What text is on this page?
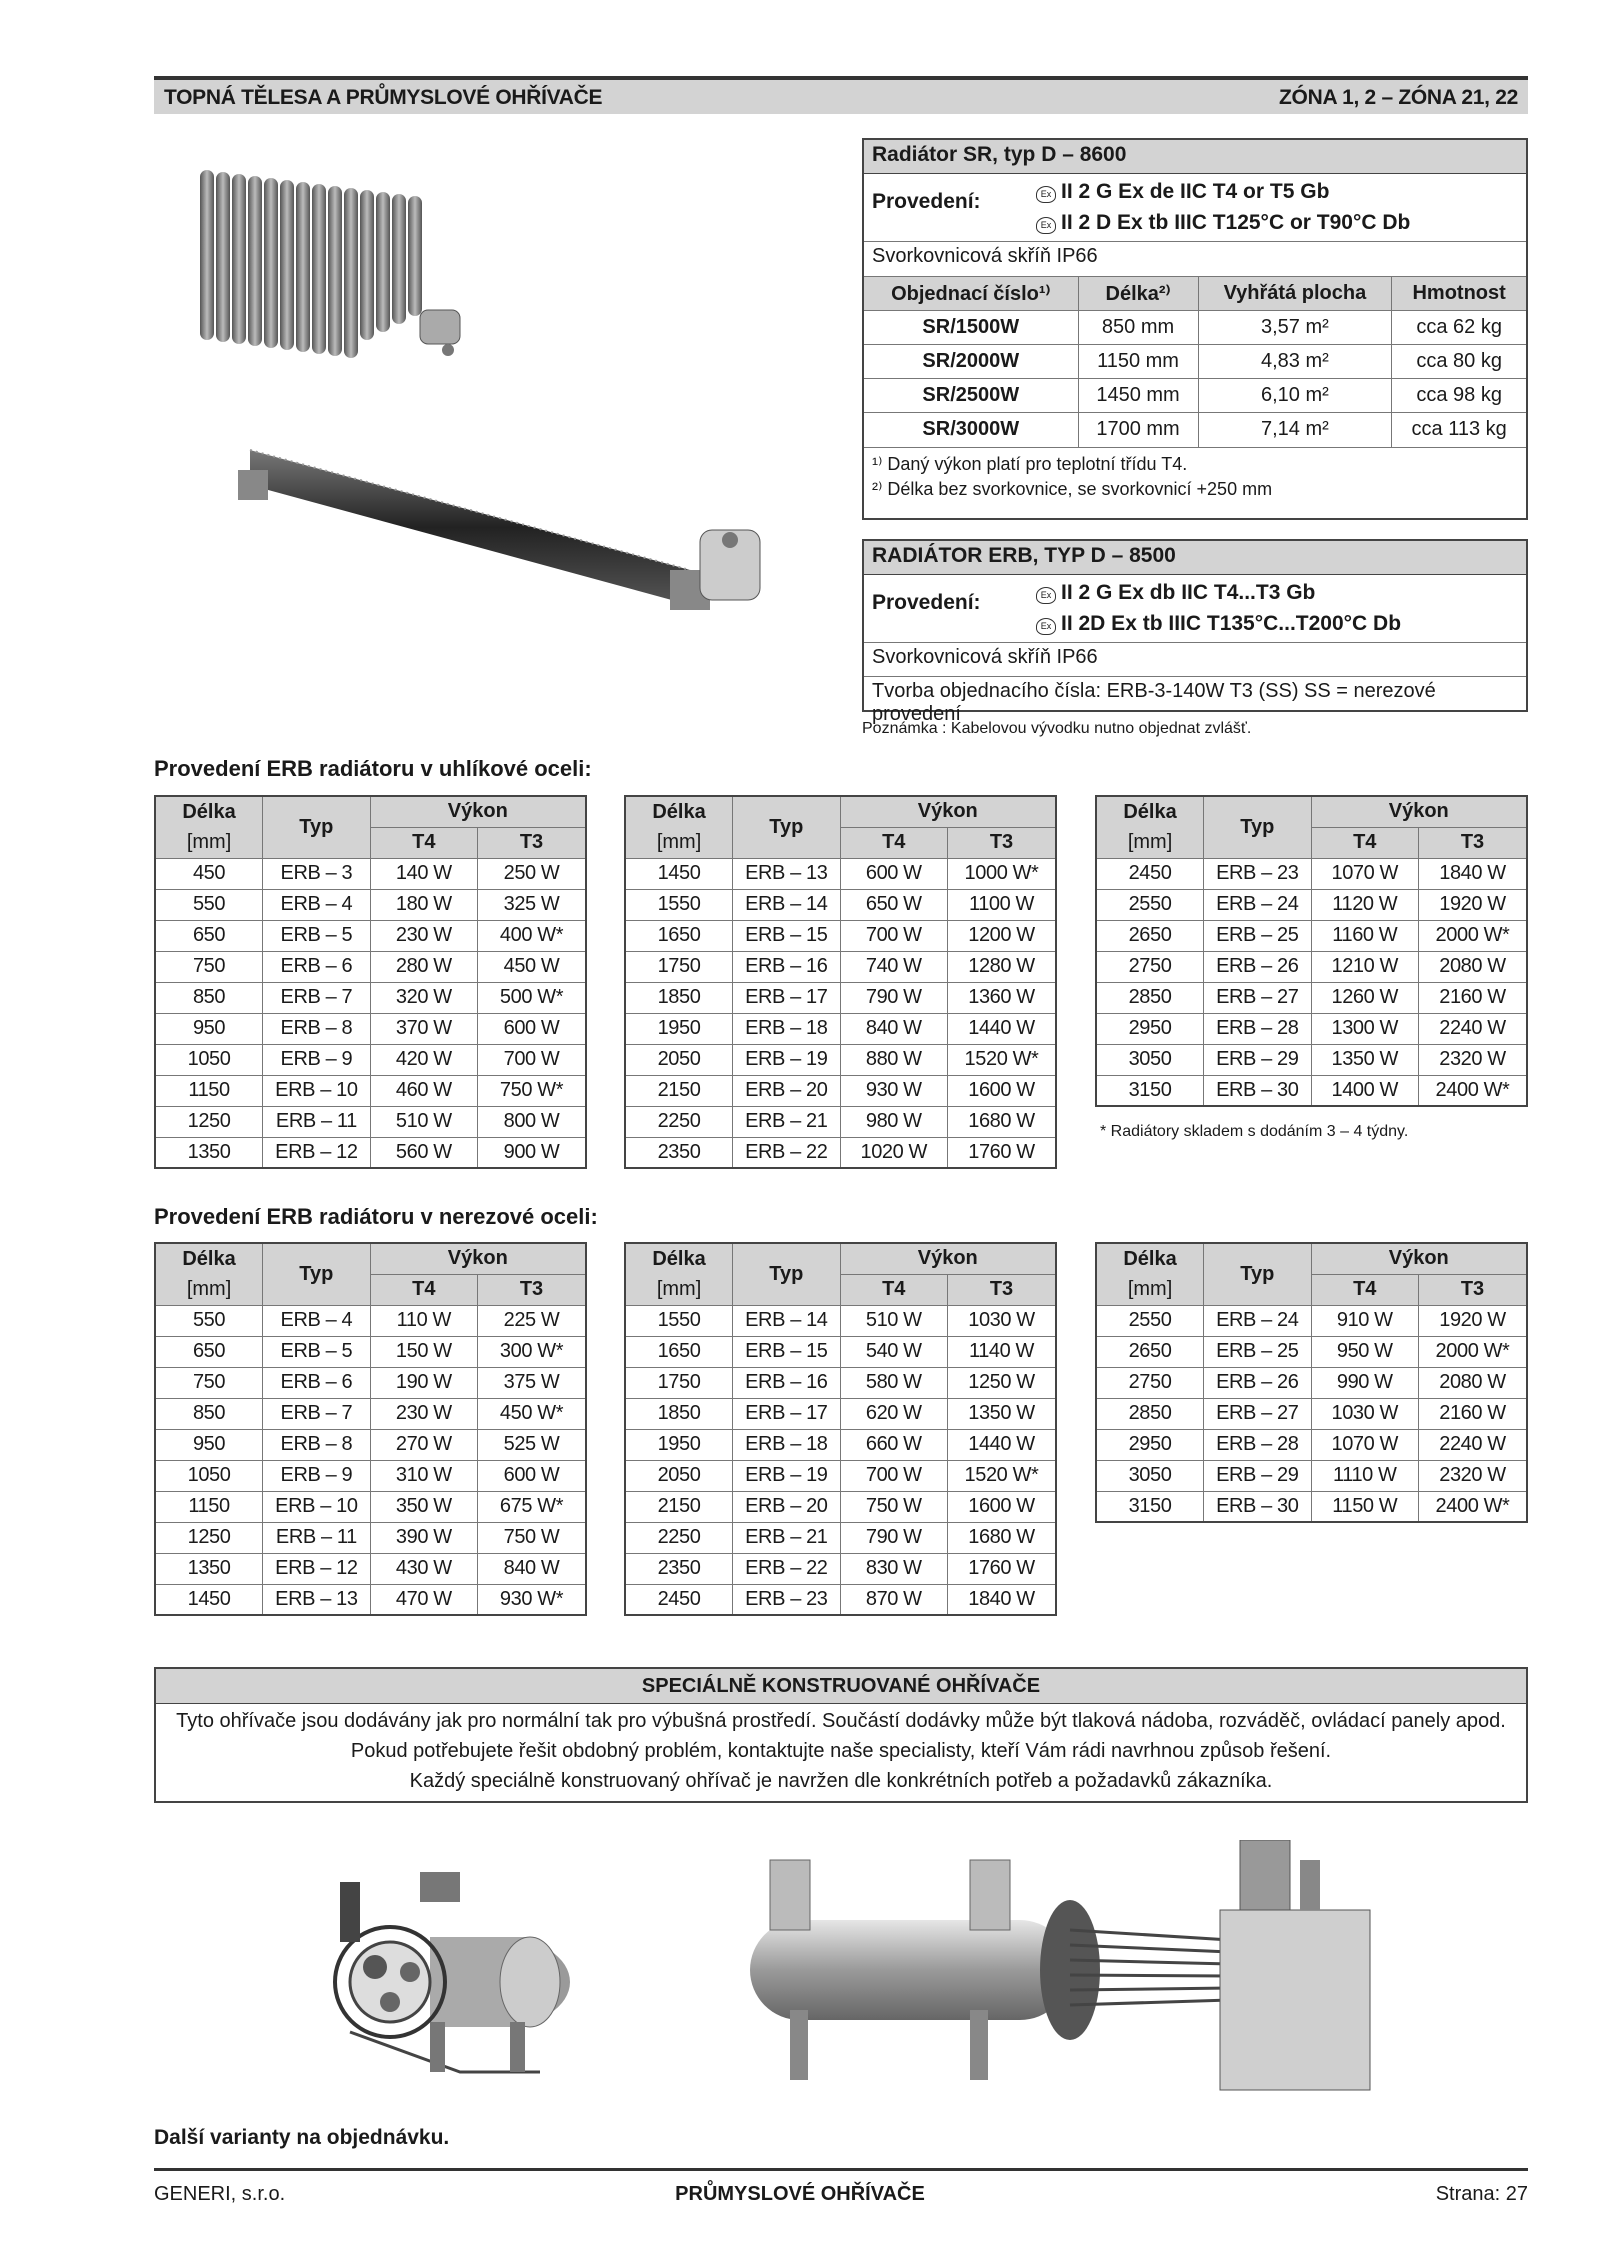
TOPNÁ TĚLESA A PRŮMYSLOVÉ OHŘÍVAČE	ZÓNA 1, 2 – ZÓNA 21, 22
Radiátor SR, typ D – 8600
Provedení:	Ex II 2 G Ex de IIC T4 or T5 Gb
Ex II 2 D Ex tb IIIC T125°C or T90°C Db
Svorkovnicová skříň IP66
Objednací číslo¹⁾	Délka²⁾	Vyhřátá plocha	Hmotnost
SR/1500W	850 mm	3,57 m²	cca 62 kg
SR/2000W	1150 mm	4,83 m²	cca 80 kg
SR/2500W	1450 mm	6,10 m²	cca 98 kg
SR/3000W	1700 mm	7,14 m²	cca 113 kg
¹⁾ Daný výkon platí pro teplotní třídu T4.
²⁾ Délka bez svorkovnice, se svorkovnicí +250 mm
RADIÁTOR ERB, TYP D – 8500
Provedení:	Ex II 2 G Ex db IIC T4...T3 Gb
Ex II 2D Ex tb IIIC T135°C...T200°C Db
Svorkovnicová skříň IP66
Tvorba objednacího čísla: ERB-3-140W T3 (SS) SS = nerezové provedení
Poznámka : Kabelovou vývodku nutno objednat zvlášť.
Provedení ERB radiátoru v uhlíkové oceli:
Délka	Typ	Výkon	
[mm]		T4	T3
450	ERB – 3	140 W	250 W
550	ERB – 4	180 W	325 W
650	ERB – 5	230 W	400 W*
750	ERB – 6	280 W	450 W
850	ERB – 7	320 W	500 W*
950	ERB – 8	370 W	600 W
1050	ERB – 9	420 W	700 W
1150	ERB – 10	460 W	750 W*
1250	ERB – 11	510 W	800 W
1350	ERB – 12	560 W	900 W
Délka	Typ	Výkon	
[mm]		T4	T3
1450	ERB – 13	600 W	1000 W*
1550	ERB – 14	650 W	1100 W
1650	ERB – 15	700 W	1200 W
1750	ERB – 16	740 W	1280 W
1850	ERB – 17	790 W	1360 W
1950	ERB – 18	840 W	1440 W
2050	ERB – 19	880 W	1520 W*
2150	ERB – 20	930 W	1600 W
2250	ERB – 21	980 W	1680 W
2350	ERB – 22	1020 W	1760 W
Délka	Typ	Výkon	
[mm]		T4	T3
2450	ERB – 23	1070 W	1840 W
2550	ERB – 24	1120 W	1920 W
2650	ERB – 25	1160 W	2000 W*
2750	ERB – 26	1210 W	2080 W
2850	ERB – 27	1260 W	2160 W
2950	ERB – 28	1300 W	2240 W
3050	ERB – 29	1350 W	2320 W
3150	ERB – 30	1400 W	2400 W*
* Radiátory skladem s dodáním 3 – 4 týdny.
Provedení ERB radiátoru v nerezové oceli:
Délka	Typ	Výkon	
[mm]		T4	T3
550	ERB – 4	110 W	225 W
650	ERB – 5	150 W	300 W*
750	ERB – 6	190 W	375 W
850	ERB – 7	230 W	450 W*
950	ERB – 8	270 W	525 W
1050	ERB – 9	310 W	600 W
1150	ERB – 10	350 W	675 W*
1250	ERB – 11	390 W	750 W
1350	ERB – 12	430 W	840 W
1450	ERB – 13	470 W	930 W*
Délka	Typ	Výkon	
[mm]		T4	T3
1550	ERB – 14	510 W	1030 W
1650	ERB – 15	540 W	1140 W
1750	ERB – 16	580 W	1250 W
1850	ERB – 17	620 W	1350 W
1950	ERB – 18	660 W	1440 W
2050	ERB – 19	700 W	1520 W*
2150	ERB – 20	750 W	1600 W
2250	ERB – 21	790 W	1680 W
2350	ERB – 22	830 W	1760 W
2450	ERB – 23	870 W	1840 W
Délka	Typ	Výkon	
[mm]		T4	T3
2550	ERB – 24	910 W	1920 W
2650	ERB – 25	950 W	2000 W*
2750	ERB – 26	990 W	2080 W
2850	ERB – 27	1030 W	2160 W
2950	ERB – 28	1070 W	2240 W
3050	ERB – 29	1110 W	2320 W
3150	ERB – 30	1150 W	2400 W*
SPECIÁLNĚ KONSTRUOVANÉ OHŘÍVAČE
Tyto ohřívače jsou dodávány jak pro normální tak pro výbušná prostředí. Součástí dodávky může být tlaková nádoba, rozváděč, ovládací panely apod.
Pokud potřebujete řešit obdobný problém, kontaktujte naše specialisty, kteří Vám rádi navrhnou způsob řešení.
Každý speciálně konstruovaný ohřívač je navržen dle konkrétních potřeb a požadavků zákazníka.
Další varianty na objednávku.
GENERI, s.r.o.	PRŮMYSLOVÉ OHŘÍVAČE	Strana: 27
